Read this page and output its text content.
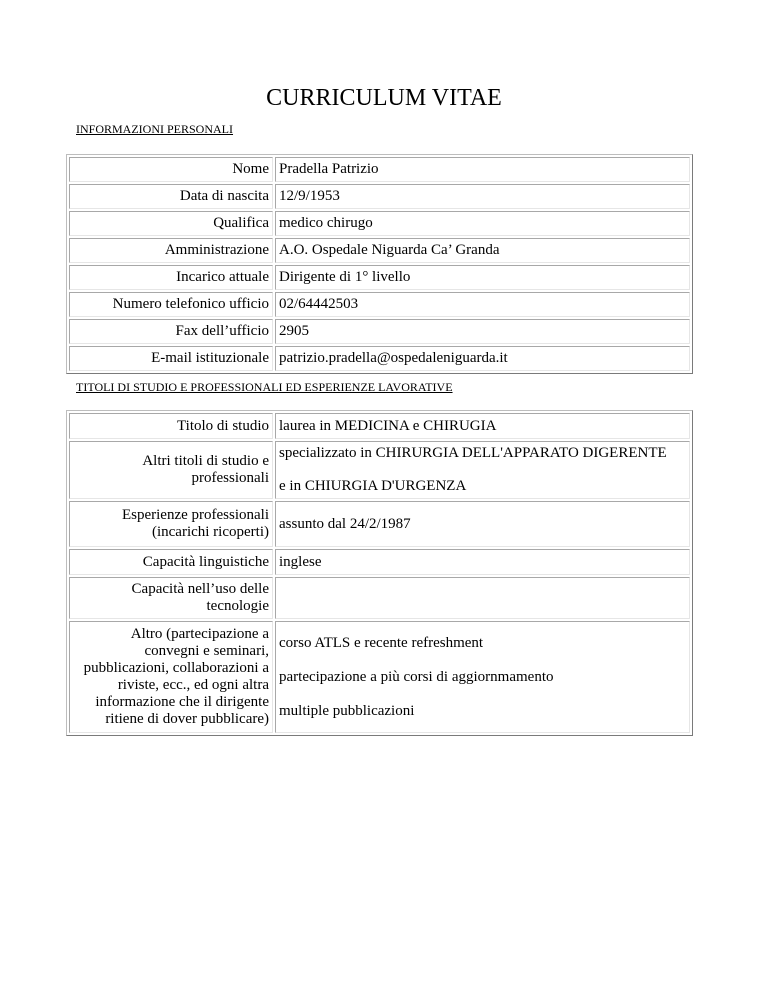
CURRICULUM VITAE
INFORMAZIONI PERSONALI
Nome	Pradella Patrizio
Data di nascita	12/9/1953
Qualifica	medico chirugo
Amministrazione	A.O. Ospedale Niguarda Ca’ Granda
Incarico attuale	Dirigente di 1° livello
Numero telefonico ufficio	02/64442503
Fax dell’ufficio	2905
E-mail istituzionale	patrizio.pradella@ospedaleniguarda.it
TITOLI DI STUDIO E PROFESSIONALI ED ESPERIENZE LAVORATIVE
Titolo di studio	laurea in MEDICINA e CHIRUGIA

Altri titoli di studio e professionali	specializzato in CHIRURGIA DELL'APPARATO DIGERENTE
e in CHIURGIA D'URGENZA

Esperienze professionali (incarichi ricoperti)	assunto dal 24/2/1987

Capacità linguistiche	inglese

Capacità nell’uso delle tecnologie	
Altro (partecipazione a convegni e seminari, pubblicazioni, collaborazioni a riviste, ecc., ed ogni altra informazione che il dirigente ritiene di dover pubblicare)	corso ATLS e recente refreshment
partecipazione a più corsi di aggiornmamento
multiple pubblicazioni
